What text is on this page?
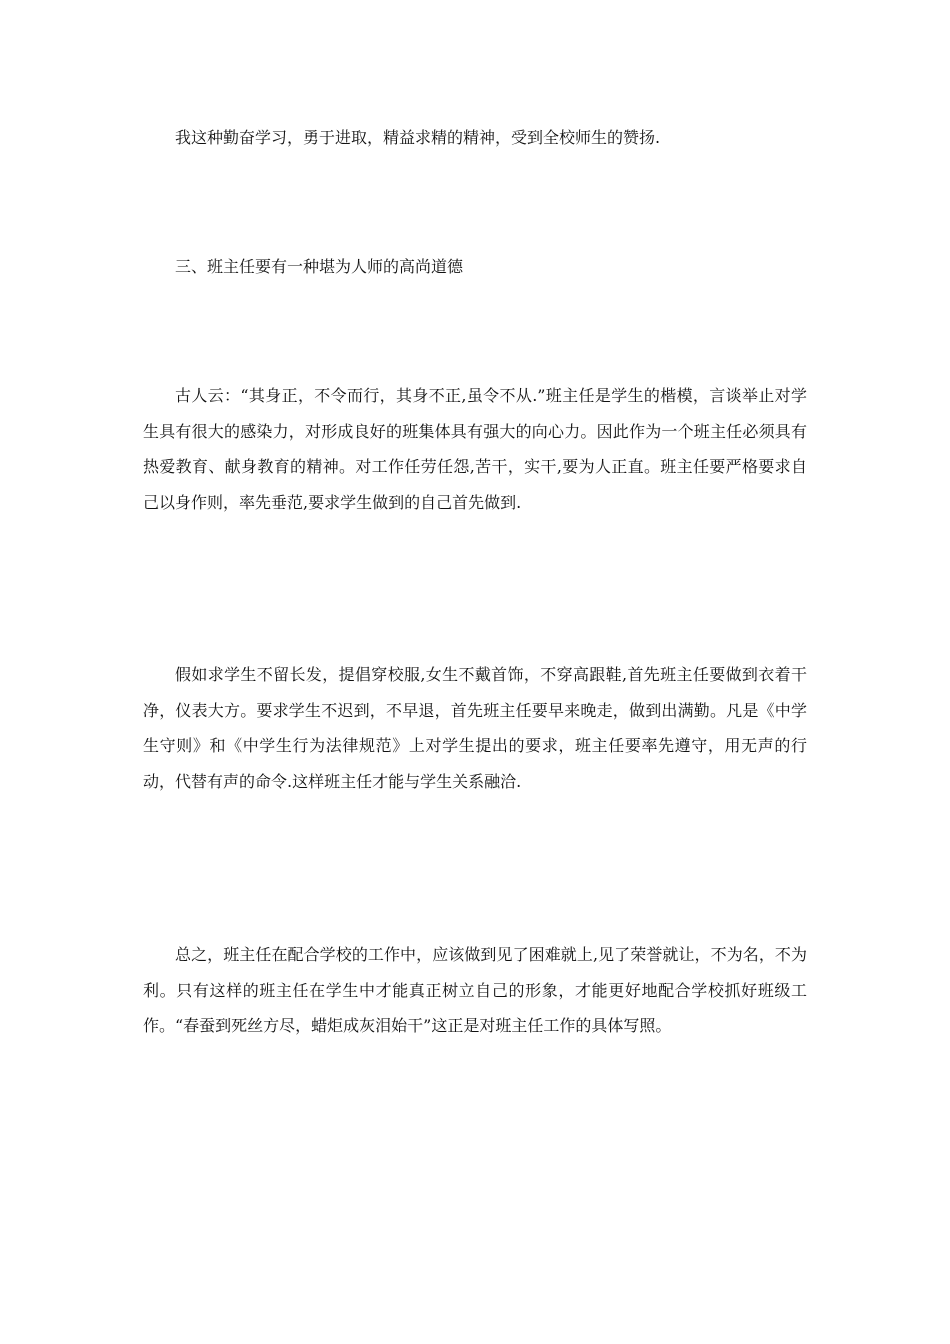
我这种勤奋学习，勇于进取，精益求精的精神，受到全校师生的赞扬.

三、班主任要有一种堪为人师的高尚道德

古人云：“其身正，不令而行，其身不正,虽令不从.”班主任是学生的楷模，言谈举止对学生具有很大的感染力，对形成良好的班集体具有强大的向心力。因此作为一个班主任必须具有热爱教育、献身教育的精神。对工作任劳任怨,苦干，实干,要为人正直。班主任要严格要求自己以身作则，率先垂范,要求学生做到的自己首先做到.

假如求学生不留长发，提倡穿校服,女生不戴首饰，不穿高跟鞋,首先班主任要做到衣着干净，仪表大方。要求学生不迟到，不早退，首先班主任要早来晚走，做到出满勤。凡是《中学生守则》和《中学生行为法律规范》上对学生提出的要求，班主任要率先遵守，用无声的行动，代替有声的命令.这样班主任才能与学生关系融洽.

总之，班主任在配合学校的工作中，应该做到见了困难就上,见了荣誉就让，不为名，不为利。只有这样的班主任在学生中才能真正树立自己的形象，才能更好地配合学校抓好班级工作。“春蚕到死丝方尽，蜡炬成灰泪始干”这正是对班主任工作的具体写照。
